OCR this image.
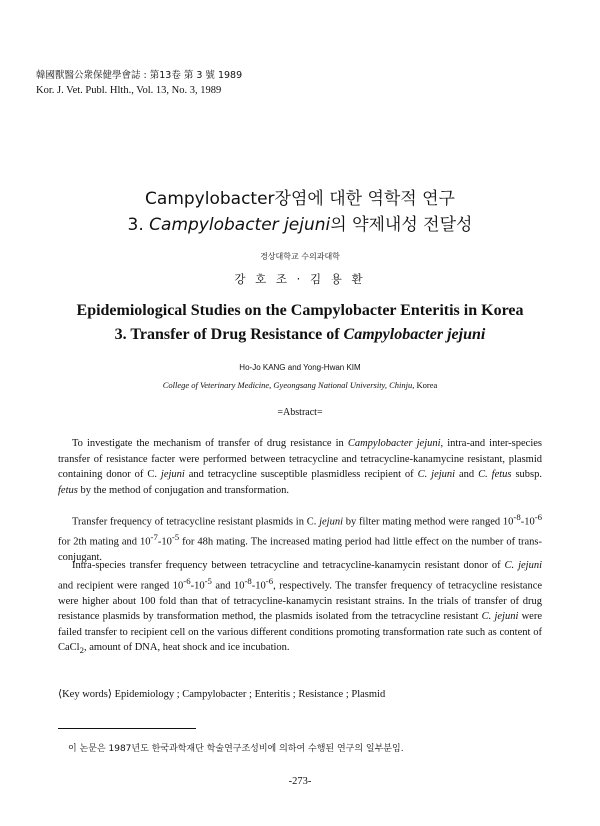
韓國獸醫公衆保健學會誌 : 第13卷 第 3 號 1989
Kor. J. Vet. Publ. Hlth., Vol. 13, No. 3, 1989
Campylobacter장염에 대한 역학적 연구
3. Campylobacter jejuni의 약제내성 전달성
경상대학교 수의과대학
강 호 조 · 김 용 환
Epidemiological Studies on the Campylobacter Enteritis in Korea
3. Transfer of Drug Resistance of Campylobacter jejuni
Ho-Jo KANG and Yong-Hwan KIM
College of Veterinary Medicine, Gyeongsang National University, Chinju, Korea
=Abstract=
To investigate the mechanism of transfer of drug resistance in Campylobacter jejuni, intra-and inter-species transfer of resistance facter were performed between tetracycline and tetracycline-kanamycine resistant, plasmid containing donor of C. jejuni and tetracycline susceptible plasmidless recipient of C. jejuni and C. fetus subsp. fetus by the method of conjugation and transformation.
Transfer frequency of tetracycline resistant plasmids in C. jejuni by filter mating method were ranged $10^{-8}-10^{-6}$ for 2th mating and $10^{-7}-10^{-5}$ for 48h mating. The increased mating period had little effect on the number of trans-conjugant.
Intra-species transfer frequency between tetracycline and tetracycline-kanamycin resistant donor of C. jejuni and recipient were ranged $10^{-6}-10^{-5}$ and $10^{-8}-10^{-6}$, respectively. The transfer frequency of tetracycline resistance were higher about 100 fold than that of tetracycline-kanamycin resistant strains. In the trials of transfer of drug resistance plasmids by transformation method, the plasmids isolated from the tetracycline resistant C. jejuni were failed transfer to recipient cell on the various different conditions promoting transformation rate such as content of CaCl$_2$, amount of DNA, heat shock and ice incubation.
⟨Key words⟩ Epidemiology ; Campylobacter ; Enteritis ; Resistance ; Plasmid
이 논문은 1987년도 한국과학재단 학술연구조성비에 의하여 수행된 연구의 일부분임.
-273-
